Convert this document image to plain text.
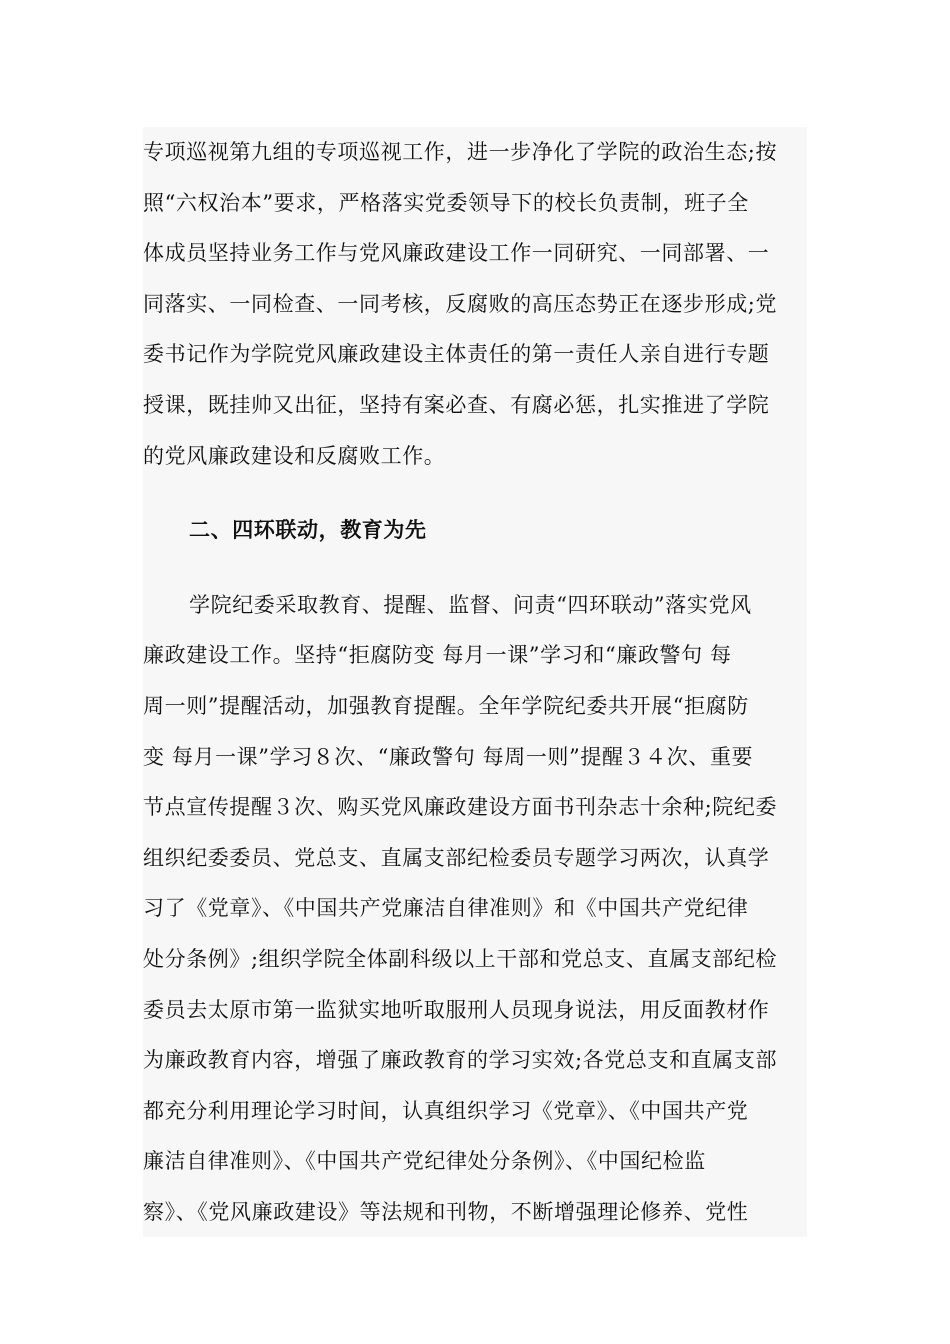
专项巡视第九组的专项巡视工作，进一步净化了学院的政治生态;按
照“六权治本”要求，严格落实党委领导下的校长负责制，班子全
体成员坚持业务工作与党风廉政建设工作一同研究、一同部署、一
同落实、一同检查、一同考核，反腐败的高压态势正在逐步形成;党
委书记作为学院党风廉政建设主体责任的第一责任人亲自进行专题
授课，既挂帅又出征，坚持有案必查、有腐必惩，扎实推进了学院
的党风廉政建设和反腐败工作。
二、四环联动，教育为先
学院纪委采取教育、提醒、监督、问责“四环联动”落实党风
廉政建设工作。坚持“拒腐防变 每月一课”学习和“廉政警句 每
周一则”提醒活动，加强教育提醒。全年学院纪委共开展“拒腐防
变 每月一课”学习８次、“廉政警句 每周一则”提醒３４次、重要
节点宣传提醒３次、购买党风廉政建设方面书刊杂志十余种;院纪委
组织纪委委员、党总支、直属支部纪检委员专题学习两次，认真学
习了《党章》、《中国共产党廉洁自律准则》和《中国共产党纪律
处分条例》;组织学院全体副科级以上干部和党总支、直属支部纪检
委员去太原市第一监狱实地听取服刑人员现身说法，用反面教材作
为廉政教育内容，增强了廉政教育的学习实效;各党总支和直属支部
都充分利用理论学习时间，认真组织学习《党章》、《中国共产党
廉洁自律准则》、《中国共产党纪律处分条例》、《中国纪检监
察》、《党风廉政建设》等法规和刊物，不断增强理论修养、党性
